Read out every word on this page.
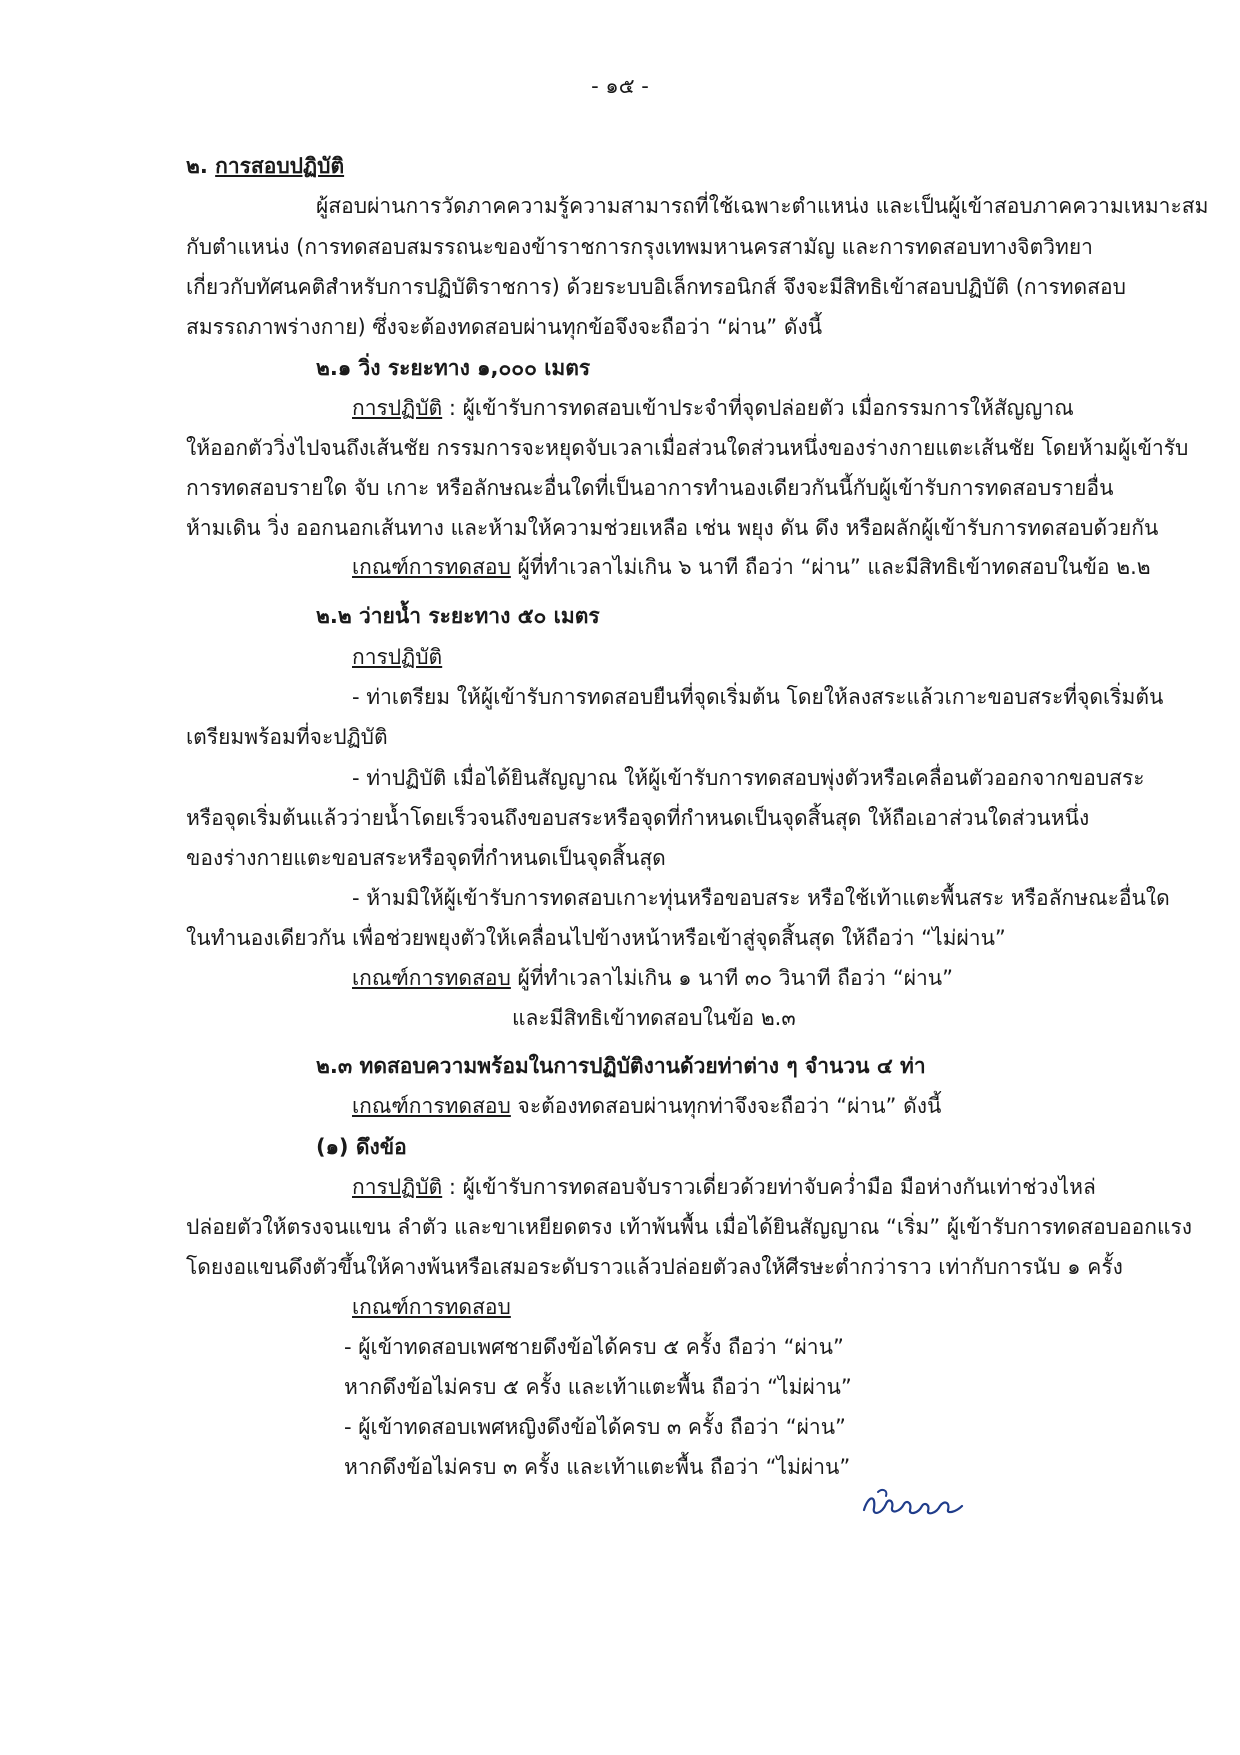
- ๑๕ -
๒. การสอบปฏิบัติ
ผู้สอบผ่านการวัดภาคความรู้ความสามารถที่ใช้เฉพาะตำแหน่ง และเป็นผู้เข้าสอบภาคความเหมาะสม
กับตำแหน่ง (การทดสอบสมรรถนะของข้าราชการกรุงเทพมหานครสามัญ และการทดสอบทางจิตวิทยา
เกี่ยวกับทัศนคติสำหรับการปฏิบัติราชการ) ด้วยระบบอิเล็กทรอนิกส์ จึงจะมีสิทธิเข้าสอบปฏิบัติ (การทดสอบ
สมรรถภาพร่างกาย) ซึ่งจะต้องทดสอบผ่านทุกข้อจึงจะถือว่า “ผ่าน” ดังนี้
๒.๑ วิ่ง ระยะทาง ๑,๐๐๐ เมตร
การปฏิบัติ : ผู้เข้ารับการทดสอบเข้าประจำที่จุดปล่อยตัว เมื่อกรรมการให้สัญญาณ
ให้ออกตัววิ่งไปจนถึงเส้นชัย กรรมการจะหยุดจับเวลาเมื่อส่วนใดส่วนหนึ่งของร่างกายแตะเส้นชัย โดยห้ามผู้เข้ารับ
การทดสอบรายใด จับ เกาะ หรือลักษณะอื่นใดที่เป็นอาการทำนองเดียวกันนี้กับผู้เข้ารับการทดสอบรายอื่น
ห้ามเดิน วิ่ง ออกนอกเส้นทาง และห้ามให้ความช่วยเหลือ เช่น พยุง ดัน ดึง หรือผลักผู้เข้ารับการทดสอบด้วยกัน
เกณฑ์การทดสอบ ผู้ที่ทำเวลาไม่เกิน ๖ นาที ถือว่า “ผ่าน” และมีสิทธิเข้าทดสอบในข้อ ๒.๒
๒.๒ ว่ายน้ำ ระยะทาง ๕๐ เมตร
การปฏิบัติ
- ท่าเตรียม ให้ผู้เข้ารับการทดสอบยืนที่จุดเริ่มต้น โดยให้ลงสระแล้วเกาะขอบสระที่จุดเริ่มต้น
เตรียมพร้อมที่จะปฏิบัติ
- ท่าปฏิบัติ เมื่อได้ยินสัญญาณ ให้ผู้เข้ารับการทดสอบพุ่งตัวหรือเคลื่อนตัวออกจากขอบสระ
หรือจุดเริ่มต้นแล้วว่ายน้ำโดยเร็วจนถึงขอบสระหรือจุดที่กำหนดเป็นจุดสิ้นสุด ให้ถือเอาส่วนใดส่วนหนึ่ง
ของร่างกายแตะขอบสระหรือจุดที่กำหนดเป็นจุดสิ้นสุด
- ห้ามมิให้ผู้เข้ารับการทดสอบเกาะทุ่นหรือขอบสระ หรือใช้เท้าแตะพื้นสระ หรือลักษณะอื่นใด
ในทำนองเดียวกัน เพื่อช่วยพยุงตัวให้เคลื่อนไปข้างหน้าหรือเข้าสู่จุดสิ้นสุด ให้ถือว่า “ไม่ผ่าน”
เกณฑ์การทดสอบ ผู้ที่ทำเวลาไม่เกิน ๑ นาที ๓๐ วินาที ถือว่า “ผ่าน”
และมีสิทธิเข้าทดสอบในข้อ ๒.๓
๒.๓ ทดสอบความพร้อมในการปฏิบัติงานด้วยท่าต่าง ๆ จำนวน ๔ ท่า
เกณฑ์การทดสอบ จะต้องทดสอบผ่านทุกท่าจึงจะถือว่า “ผ่าน” ดังนี้
(๑) ดึงข้อ
การปฏิบัติ : ผู้เข้ารับการทดสอบจับราวเดี่ยวด้วยท่าจับคว่ำมือ มือห่างกันเท่าช่วงไหล่
ปล่อยตัวให้ตรงจนแขน ลำตัว และขาเหยียดตรง เท้าพ้นพื้น เมื่อได้ยินสัญญาณ “เริ่ม” ผู้เข้ารับการทดสอบออกแรง
โดยงอแขนดึงตัวขึ้นให้คางพ้นหรือเสมอระดับราวแล้วปล่อยตัวลงให้ศีรษะต่ำกว่าราว เท่ากับการนับ ๑ ครั้ง
เกณฑ์การทดสอบ
- ผู้เข้าทดสอบเพศชายดึงข้อได้ครบ ๕ ครั้ง ถือว่า “ผ่าน”
หากดึงข้อไม่ครบ ๕ ครั้ง และเท้าแตะพื้น ถือว่า “ไม่ผ่าน”
- ผู้เข้าทดสอบเพศหญิงดึงข้อได้ครบ ๓ ครั้ง ถือว่า “ผ่าน”
หากดึงข้อไม่ครบ ๓ ครั้ง และเท้าแตะพื้น ถือว่า “ไม่ผ่าน”
